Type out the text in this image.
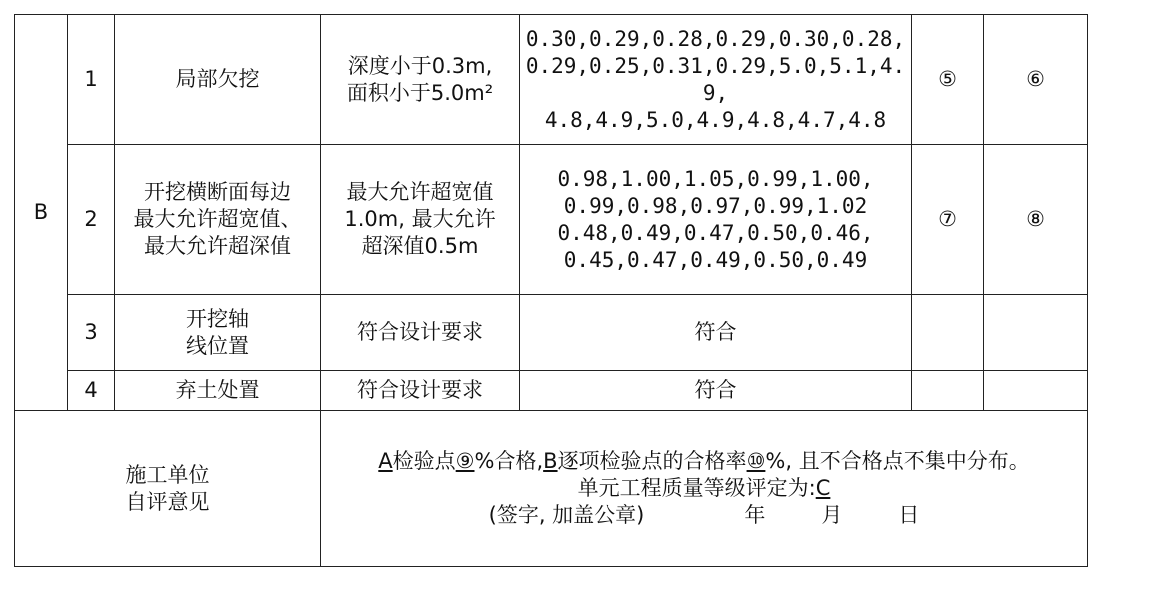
B	1	局部欠挖	深度小于0.3m,
面积小于5.0m²	0.30,0.29,0.28,0.29,0.30,0.28,
0.29,0.25,0.31,0.29,5.0,5.1,4.
9,
4.8,4.9,5.0,4.9,4.8,4.7,4.8	⑤	⑥
	2	开挖横断面每边
最大允许超宽值、
最大允许超深值	最大允许超宽值
1.0m, 最大允许
超深值0.5m	0.98,1.00,1.05,0.99,1.00,
0.99,0.98,0.97,0.99,1.02
0.48,0.49,0.47,0.50,0.46,
0.45,0.47,0.49,0.50,0.49	⑦	⑧
	3	开挖轴
线位置	符合设计要求	符合		

	4	弃土处置	符合设计要求	符合		

施工单位
自评意见			A检验点⑨%合格,B逐项检验点的合格率⑩%, 且不合格点不集中分布。
单元工程质量等级评定为:C
(签字, 加盖公章) 年 月 日			
